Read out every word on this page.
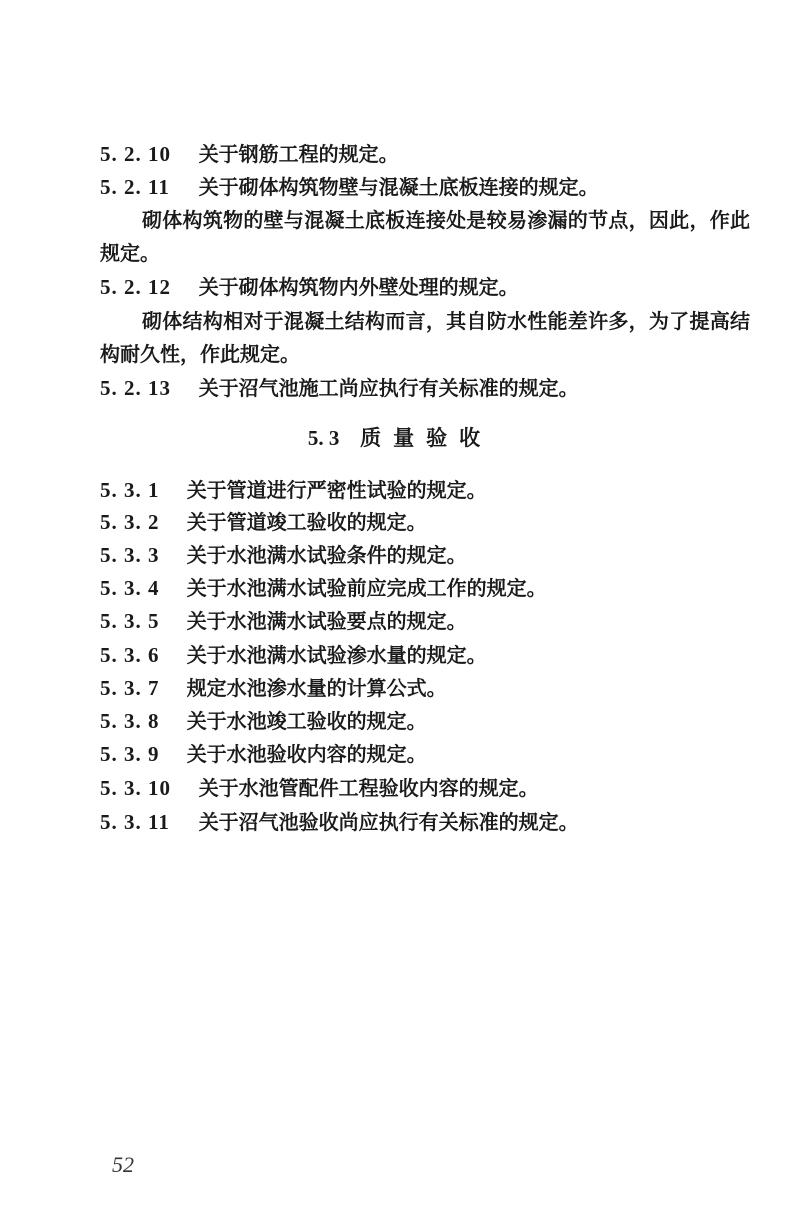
5. 2. 10 关于钢筋工程的规定。
5. 2. 11 关于砌体构筑物壁与混凝土底板连接的规定。
砌体构筑物的壁与混凝土底板连接处是较易渗漏的节点，因此，作此规定。
5. 2. 12 关于砌体构筑物内外壁处理的规定。
砌体结构相对于混凝土结构而言，其自防水性能差许多，为了提高结构耐久性，作此规定。
5. 2. 13 关于沼气池施工尚应执行有关标准的规定。
5. 3 质量验收
5. 3. 1 关于管道进行严密性试验的规定。
5. 3. 2 关于管道竣工验收的规定。
5. 3. 3 关于水池满水试验条件的规定。
5. 3. 4 关于水池满水试验前应完成工作的规定。
5. 3. 5 关于水池满水试验要点的规定。
5. 3. 6 关于水池满水试验渗水量的规定。
5. 3. 7 规定水池渗水量的计算公式。
5. 3. 8 关于水池竣工验收的规定。
5. 3. 9 关于水池验收内容的规定。
5. 3. 10 关于水池管配件工程验收内容的规定。
5. 3. 11 关于沼气池验收尚应执行有关标准的规定。
52
